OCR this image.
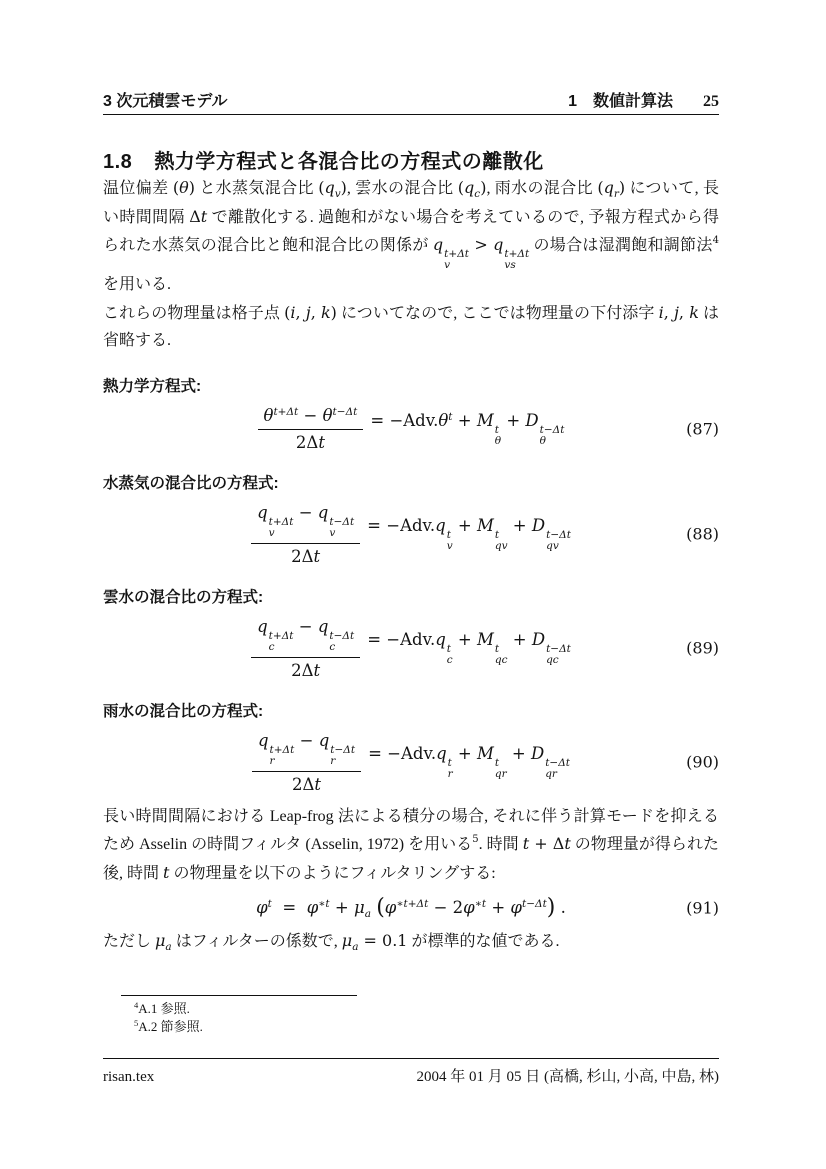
3 次元積雲モデル	1 数値計算法 25
1.8 熱力学方程式と各混合比の方程式の離散化

温位偏差 (θ) と水蒸気混合比 $(q_v)$, 雲水の混合比 $(q_c)$, 雨水の混合比 $(q_r)$ について, 長い時間間隔 Δt で離散化する. 過飽和がない場合を考えているので, 予報方程式から得られた水蒸気の混合比と飽和混合比の関係が q t+Δt
v
> q t+Δt
vs
の場合は湿潤飽和調節法$^4$を用いる.

これらの物理量は格子点 (i, j, k) についてなので, ここでは物理量の下付添字 i, j, k は省略する.

熱力学方程式:
$\frac{\theta^{t+\Delta t} - \theta^{t-\Delta t}}{2\Delta t} = -Adv.\theta^t + M$ t
θ
+ D t−Δt
θ
(87)
水蒸気の混合比の方程式:
q t+Δt
v
− q t−Δt
v
2Δt = −Adv.q t
v
+ M t
qv
+ D t−Δt
qv
(88)
雲水の混合比の方程式:
q t+Δt
c
− q t−Δt
c
2Δt = −Adv.q t
c
+ M t
qc
+ D t−Δt
qc
(89)
雨水の混合比の方程式:
q t+Δt
r
− q t−Δt
r
2Δt = −Adv.q t
r
+ M t
qr
+ D t−Δt
qr
(90)

長い時間間隔における Leap-frog 法による積分の場合, それに伴う計算モードを抑えるため Asselin の時間フィルタ (Asselin, 1972) を用いる$^5$. 時間 t + Δt の物理量が得られた後, 時間 t の物理量を以下のようにフィルタリングする:

$\varphi^t = \varphi^{∗t} + \mu_a$
( $\varphi^{∗t+\Delta t} - 2$ $\varphi^{∗t} + \varphi^{t-\Delta t}$ ) .	(91)

ただし $\mu_a$ はフィルターの係数で, $\mu_a = 0.1$ が標準的な値である.

$^4$A.1 参照.
$^5$A.2 節参照.
risan.tex	2004 年 01 月 05 日 (高橋, 杉山, 小高, 中島, 林)
